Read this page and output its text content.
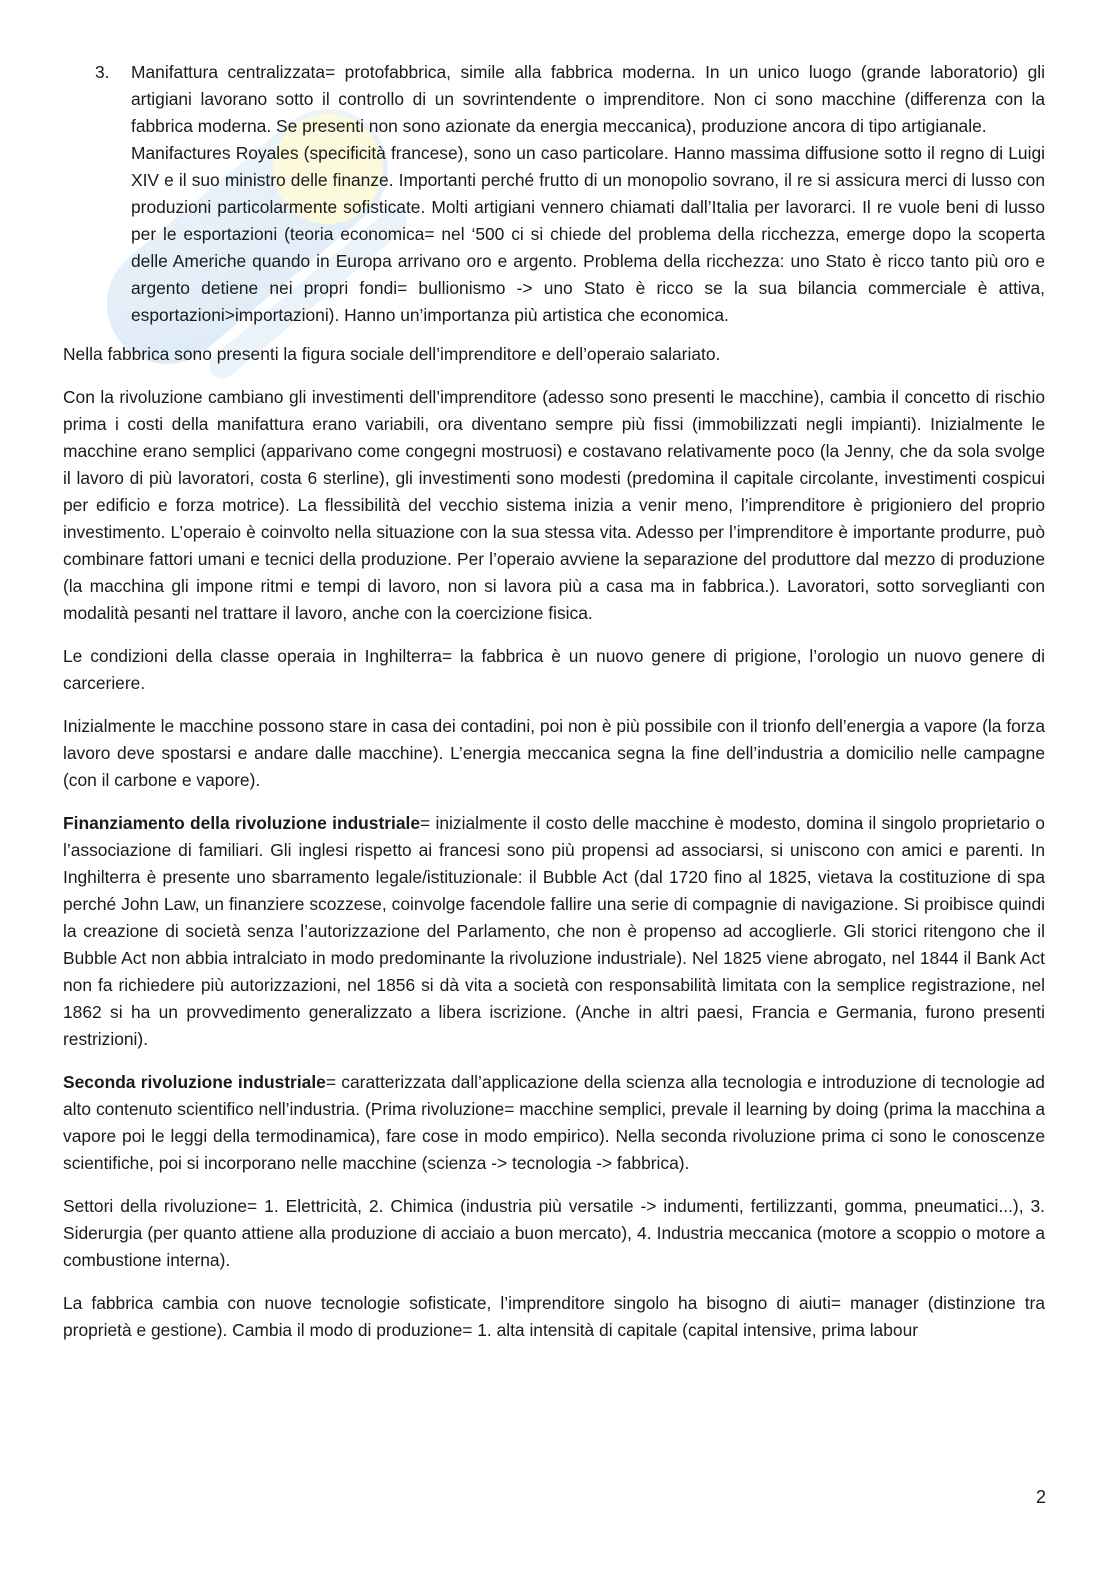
3.	Manifattura centralizzata= protofabbrica, simile alla fabbrica moderna. In un unico luogo (grande laboratorio) gli artigiani lavorano sotto il controllo di un sovrintendente o imprenditore. Non ci sono macchine (differenza con la fabbrica moderna. Se presenti non sono azionate da energia meccanica), produzione ancora di tipo artigianale.

Manifactures Royales (specificità francese), sono un caso particolare. Hanno massima diffusione sotto il regno di Luigi XIV e il suo ministro delle finanze. Importanti perché frutto di un monopolio sovrano, il re si assicura merci di lusso con produzioni particolarmente sofisticate. Molti artigiani vennero chiamati dall’Italia per lavorarci. Il re vuole beni di lusso per le esportazioni (teoria economica= nel ‘500 ci si chiede del problema della ricchezza, emerge dopo la scoperta delle Americhe quando in Europa arrivano oro e argento. Problema della ricchezza: uno Stato è ricco tanto più oro e argento detiene nei propri fondi= bullionismo -> uno Stato è ricco se la sua bilancia commerciale è attiva, esportazioni>importazioni). Hanno un’importanza più artistica che economica.

Nella fabbrica sono presenti la figura sociale dell’imprenditore e dell’operaio salariato.

Con la rivoluzione cambiano gli investimenti dell’imprenditore (adesso sono presenti le macchine), cambia il concetto di rischio prima i costi della manifattura erano variabili, ora diventano sempre più fissi (immobilizzati negli impianti). Inizialmente le macchine erano semplici (apparivano come congegni mostruosi) e costavano relativamente poco (la Jenny, che da sola svolge il lavoro di più lavoratori, costa 6 sterline), gli investimenti sono modesti (predomina il capitale circolante, investimenti cospicui per edificio e forza motrice). La flessibilità del vecchio sistema inizia a venir meno, l’imprenditore è prigioniero del proprio investimento. L’operaio è coinvolto nella situazione con la sua stessa vita. Adesso per l’imprenditore è importante produrre, può combinare fattori umani e tecnici della produzione. Per l’operaio avviene la separazione del produttore dal mezzo di produzione (la macchina gli impone ritmi e tempi di lavoro, non si lavora più a casa ma in fabbrica.). Lavoratori, sotto sorveglianti con modalità pesanti nel trattare il lavoro, anche con la coercizione fisica.

Le condizioni della classe operaia in Inghilterra= la fabbrica è un nuovo genere di prigione, l’orologio un nuovo genere di carceriere.

Inizialmente le macchine possono stare in casa dei contadini, poi non è più possibile con il trionfo dell’energia a vapore (la forza lavoro deve spostarsi e andare dalle macchine). L’energia meccanica segna la fine dell’industria a domicilio nelle campagne (con il carbone e vapore).

Finanziamento della rivoluzione industriale= inizialmente il costo delle macchine è modesto, domina il singolo proprietario o l’associazione di familiari. Gli inglesi rispetto ai francesi sono più propensi ad associarsi, si uniscono con amici e parenti. In Inghilterra è presente uno sbarramento legale/istituzionale: il Bubble Act (dal 1720 fino al 1825, vietava la costituzione di spa perché John Law, un finanziere scozzese, coinvolge facendole fallire una serie di compagnie di navigazione. Si proibisce quindi la creazione di società senza l’autorizzazione del Parlamento, che non è propenso ad accoglierle. Gli storici ritengono che il Bubble Act non abbia intralciato in modo predominante la rivoluzione industriale). Nel 1825 viene abrogato, nel 1844 il Bank Act non fa richiedere più autorizzazioni, nel 1856 si dà vita a società con responsabilità limitata con la semplice registrazione, nel 1862 si ha un provvedimento generalizzato a libera iscrizione. (Anche in altri paesi, Francia e Germania, furono presenti restrizioni).

Seconda rivoluzione industriale= caratterizzata dall’applicazione della scienza alla tecnologia e introduzione di tecnologie ad alto contenuto scientifico nell’industria. (Prima rivoluzione= macchine semplici, prevale il learning by doing (prima la macchina a vapore poi le leggi della termodinamica), fare cose in modo empirico). Nella seconda rivoluzione prima ci sono le conoscenze scientifiche, poi si incorporano nelle macchine (scienza -> tecnologia -> fabbrica).

Settori della rivoluzione= 1. Elettricità, 2. Chimica (industria più versatile -> indumenti, fertilizzanti, gomma, pneumatici...), 3. Siderurgia (per quanto attiene alla produzione di acciaio a buon mercato), 4. Industria meccanica (motore a scoppio o motore a combustione interna).

La fabbrica cambia con nuove tecnologie sofisticate, l’imprenditore singolo ha bisogno di aiuti= manager (distinzione tra proprietà e gestione). Cambia il modo di produzione= 1. alta intensità di capitale (capital intensive, prima labour

2
